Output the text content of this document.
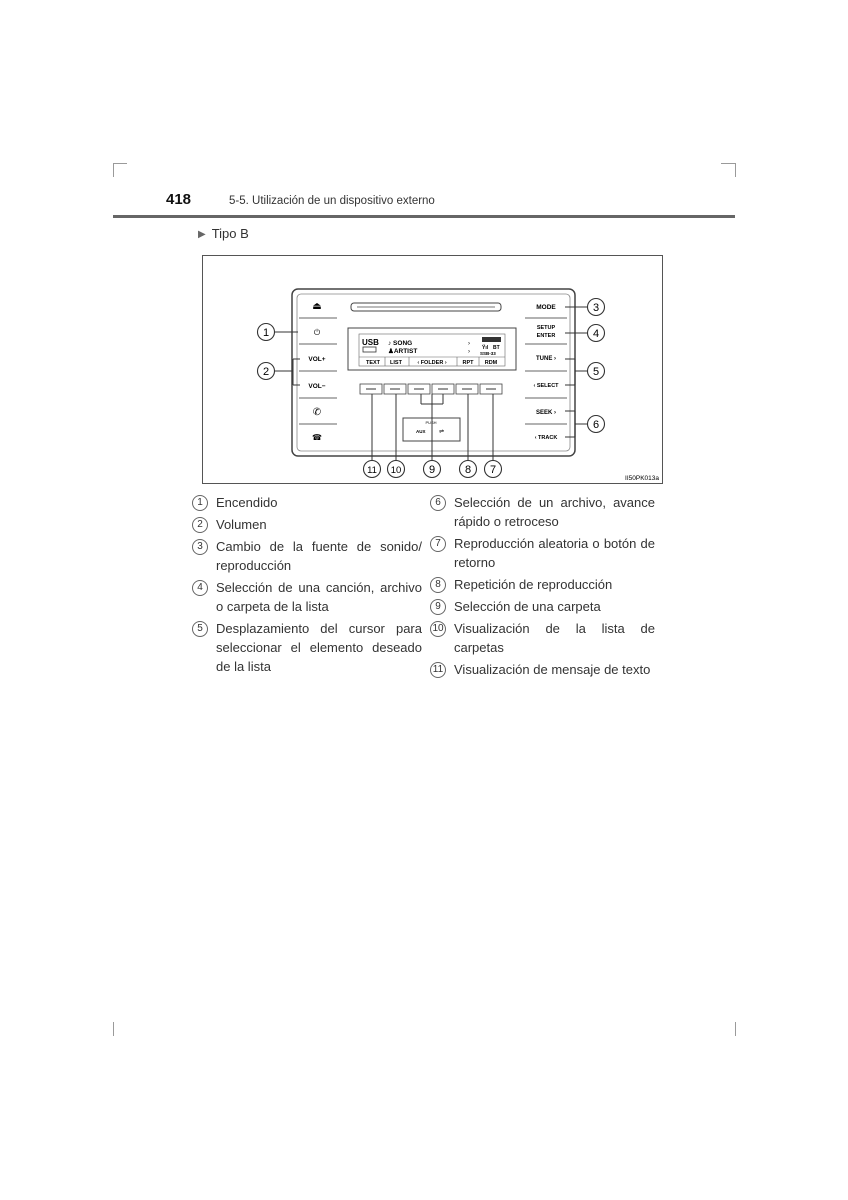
418	5-5. Utilización de un dispositivo externo
▶ Tipo B
⏏
⏻
VOL+
VOL−
✆
☎
MODE
SETUP
ENTER
TUNE ›
‹ SELECT
SEEK ›
‹ TRACK
USB ♪ SONG
♟ARTIST
›
›
Ÿıl BT
SSB-33
TEXT LIST	‹ FOLDER ›	RPT RDM
PUSH
AUX ⇌
1
2
3
4
5
6
7
8
9
10
11
II50PK013a
1	Encendido
2	Volumen
3	Cambio de la fuente de sonido/ reproducción
4	Selección de una canción, archivo o carpeta de la lista
5	Desplazamiento del cursor para seleccionar el elemento deseado de la lista
6	Selección de un archivo, avance rápido o retroceso
7	Reproducción aleatoria o botón de retorno
8	Repetición de reproducción
9	Selección de una carpeta
10 Visualización de la lista de carpetas
11 Visualización de mensaje de texto
